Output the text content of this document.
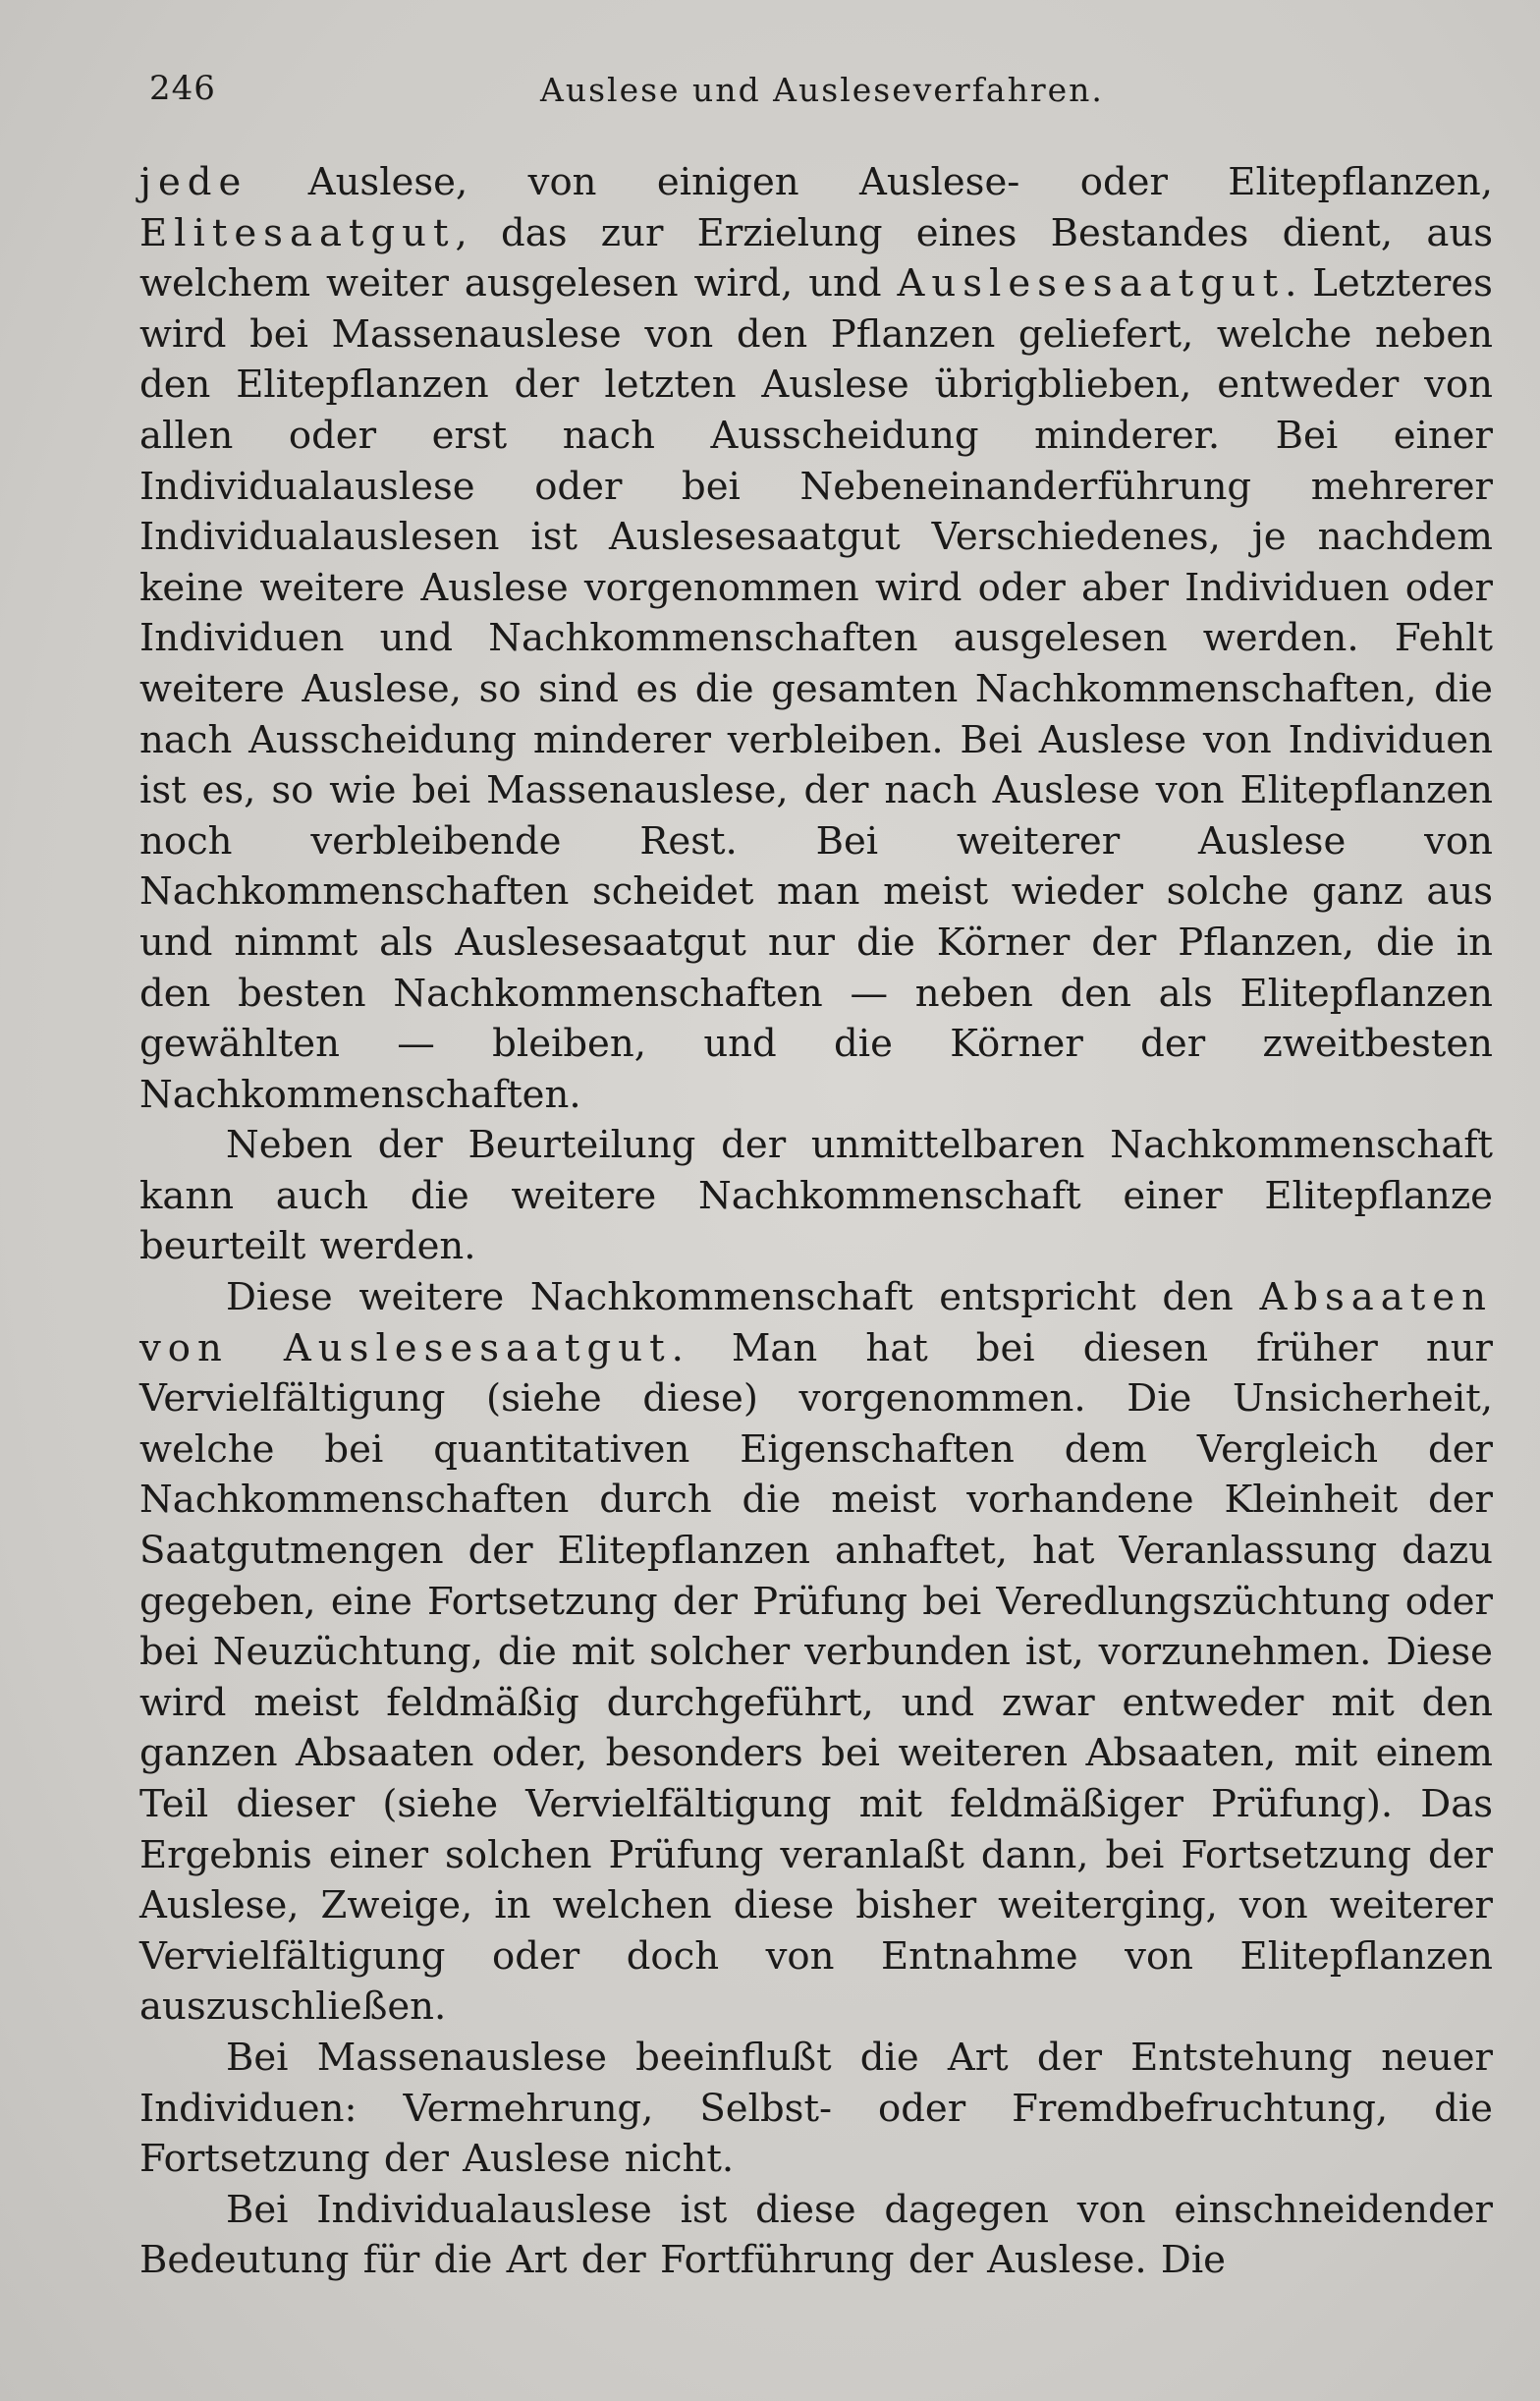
246	Auslese und Ausleseverfahren.

jede Auslese, von einigen Auslese- oder Elitepflanzen, Elitesaatgut, das zur Erzielung eines Bestandes dient, aus welchem weiter ausgelesen wird, und Auslesesaatgut. Letzteres wird bei Massenauslese von den Pflanzen geliefert, welche neben den Elitepflanzen der letzten Auslese übrigblieben, entweder von allen oder erst nach Ausscheidung minderer. Bei einer Individualauslese oder bei Nebeneinanderführung mehrerer Individualauslesen ist Auslesesaatgut Verschiedenes, je nachdem keine weitere Auslese vorgenommen wird oder aber Individuen oder Individuen und Nachkommenschaften ausgelesen werden. Fehlt weitere Auslese, so sind es die gesamten Nachkommenschaften, die nach Ausscheidung minderer verbleiben. Bei Auslese von Individuen ist es, so wie bei Massenauslese, der nach Auslese von Elitepflanzen noch verbleibende Rest. Bei weiterer Auslese von Nachkommenschaften scheidet man meist wieder solche ganz aus und nimmt als Auslesesaatgut nur die Körner der Pflanzen, die in den besten Nachkommenschaften — neben den als Elitepflanzen gewählten — bleiben, und die Körner der zweitbesten Nachkommenschaften.

Neben der Beurteilung der unmittelbaren Nachkommenschaft kann auch die weitere Nachkommenschaft einer Elitepflanze beurteilt werden.

Diese weitere Nachkommenschaft entspricht den Absaaten von Auslesesaatgut. Man hat bei diesen früher nur Vervielfältigung (siehe diese) vorgenommen. Die Unsicherheit, welche bei quantitativen Eigenschaften dem Vergleich der Nachkommenschaften durch die meist vorhandene Kleinheit der Saatgutmengen der Elitepflanzen anhaftet, hat Veranlassung dazu gegeben, eine Fortsetzung der Prüfung bei Veredlungszüchtung oder bei Neuzüchtung, die mit solcher verbunden ist, vorzunehmen. Diese wird meist feldmäßig durchgeführt, und zwar entweder mit den ganzen Absaaten oder, besonders bei weiteren Absaaten, mit einem Teil dieser (siehe Vervielfältigung mit feldmäßiger Prüfung). Das Ergebnis einer solchen Prüfung veranlaßt dann, bei Fortsetzung der Auslese, Zweige, in welchen diese bisher weiterging, von weiterer Vervielfältigung oder doch von Entnahme von Elitepflanzen auszuschließen.

Bei Massenauslese beeinflußt die Art der Entstehung neuer Individuen: Vermehrung, Selbst- oder Fremdbefruchtung, die Fortsetzung der Auslese nicht.

Bei Individualauslese ist diese dagegen von einschneidender Bedeutung für die Art der Fortführung der Auslese. Die
